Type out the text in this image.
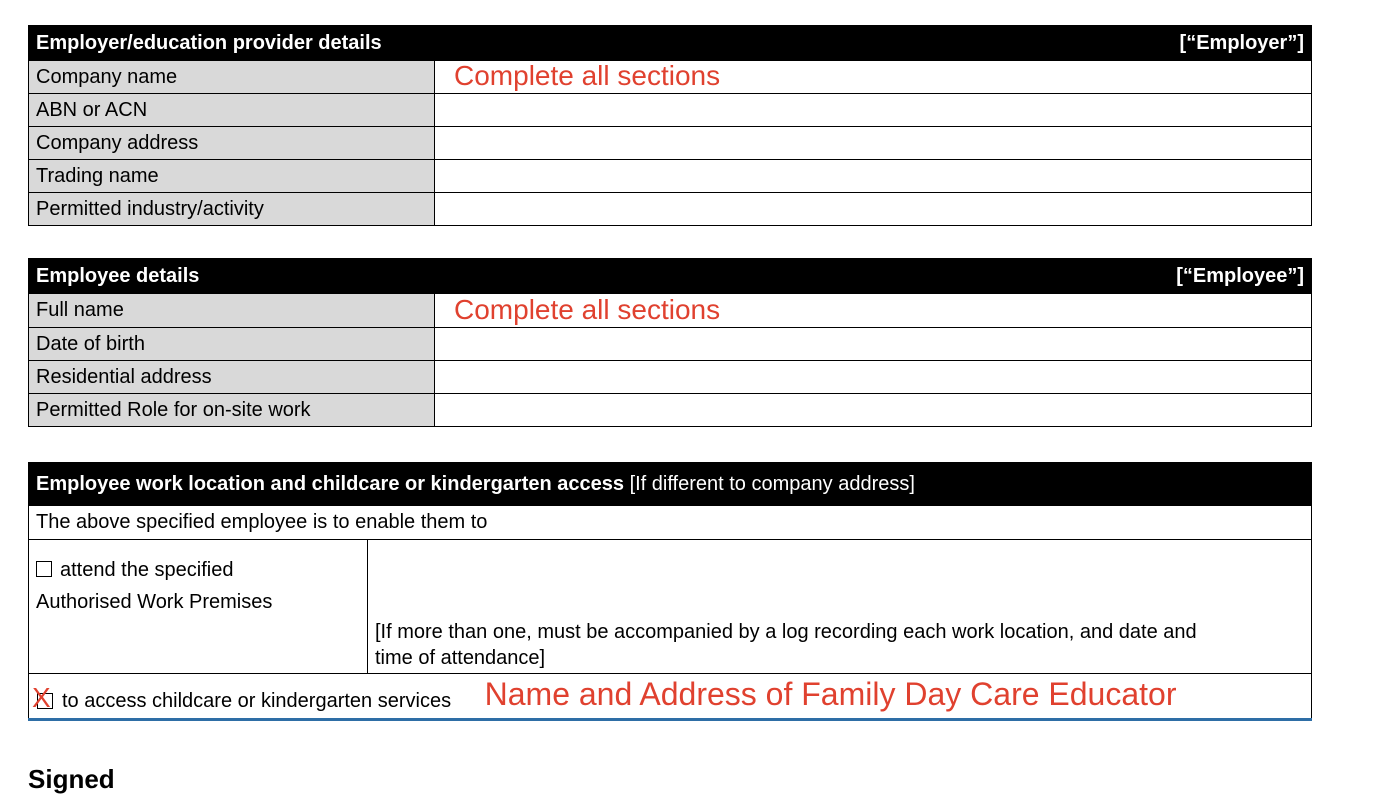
Employer/education provider details [“Employer”]	

Company name	Complete all sections
ABN or ACN	
Company address	
Trading name	
Permitted industry/activity	
Employee details [“Employee”]	

Full name	Complete all sections
Date of birth	
Residential address	
Permitted Role for on-site work	
Employee work location and childcare or kindergarten access [If different to company address]
The above specified employee is to enable them to
attend the specified
Authorised Work Premises	[If more than one, must be accompanied by a log recording each work location, and date and
time of attendance]

X to access childcare or kindergarten services Name and Address of Family Day Care Educator
Signed
